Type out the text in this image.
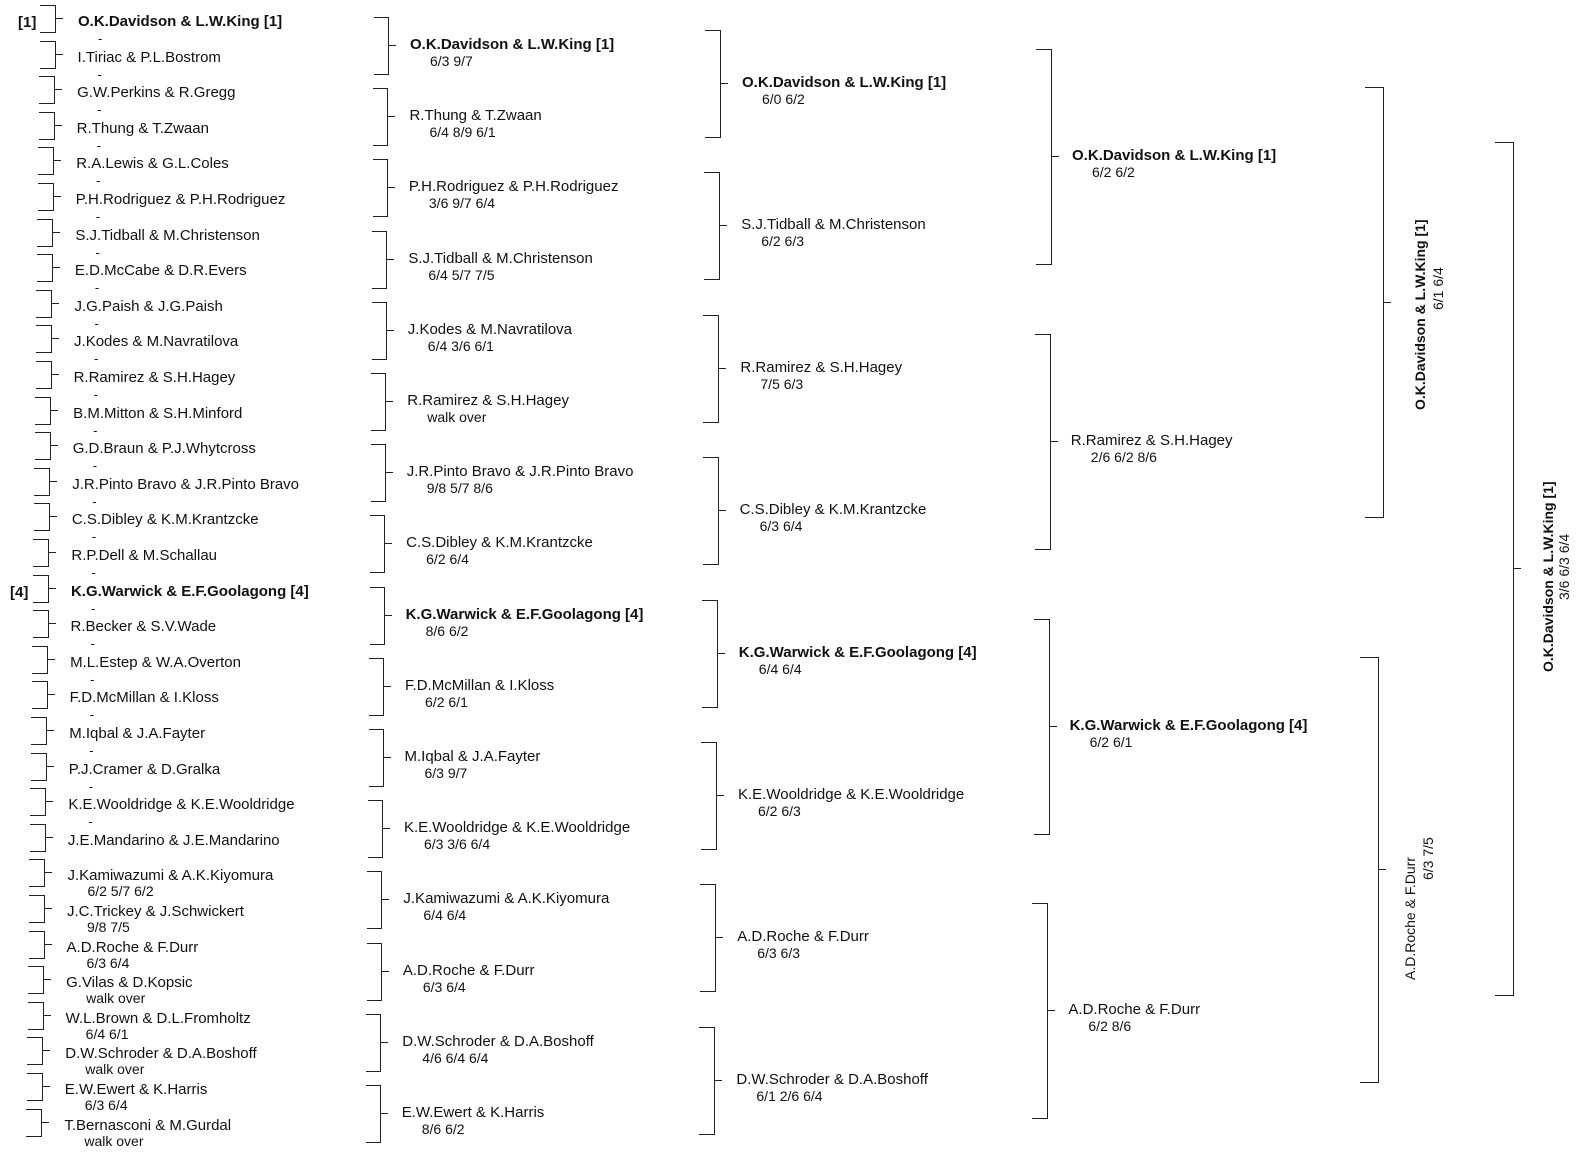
[1]	O.K.Davidson & L.W.King [1]
-
I.Tiriac & P.L.Bostrom
-
G.W.Perkins & R.Gregg
-
R.Thung & T.Zwaan
-
R.A.Lewis & G.L.Coles
-
P.H.Rodriguez & P.H.Rodriguez
-
S.J.Tidball & M.Christenson
-
E.D.McCabe & D.R.Evers
-
J.G.Paish & J.G.Paish
-
J.Kodes & M.Navratilova
-
R.Ramirez & S.H.Hagey
-
B.M.Mitton & S.H.Minford
-
G.D.Braun & P.J.Whytcross
-
J.R.Pinto Bravo & J.R.Pinto Bravo
-
C.S.Dibley & K.M.Krantzcke
-
R.P.Dell & M.Schallau
-
[4]	K.G.Warwick & E.F.Goolagong [4]
-
R.Becker & S.V.Wade
-
M.L.Estep & W.A.Overton
-
F.D.McMillan & I.Kloss
-
M.Iqbal & J.A.Fayter
-
P.J.Cramer & D.Gralka
-
K.E.Wooldridge & K.E.Wooldridge
-
J.E.Mandarino & J.E.Mandarino
J.Kamiwazumi & A.K.Kiyomura
6/2 5/7 6/2
J.C.Trickey & J.Schwickert
9/8 7/5
A.D.Roche & F.Durr
6/3 6/4
G.Vilas & D.Kopsic
walk over
W.L.Brown & D.L.Fromholtz
6/4 6/1
D.W.Schroder & D.A.Boshoff
walk over
E.W.Ewert & K.Harris
6/3 6/4
T.Bernasconi & M.Gurdal
walk over
O.K.Davidson & L.W.King [1]
6/3 9/7
R.Thung & T.Zwaan
6/4 8/9 6/1
P.H.Rodriguez & P.H.Rodriguez
3/6 9/7 6/4
S.J.Tidball & M.Christenson
6/4 5/7 7/5
J.Kodes & M.Navratilova
6/4 3/6 6/1
R.Ramirez & S.H.Hagey
walk over
J.R.Pinto Bravo & J.R.Pinto Bravo
9/8 5/7 8/6
C.S.Dibley & K.M.Krantzcke
6/2 6/4
K.G.Warwick & E.F.Goolagong [4]
8/6 6/2
F.D.McMillan & I.Kloss
6/2 6/1
M.Iqbal & J.A.Fayter
6/3 9/7
K.E.Wooldridge & K.E.Wooldridge
6/3 3/6 6/4
J.Kamiwazumi & A.K.Kiyomura
6/4 6/4
A.D.Roche & F.Durr
6/3 6/4
D.W.Schroder & D.A.Boshoff
4/6 6/4 6/4
E.W.Ewert & K.Harris
8/6 6/2
O.K.Davidson & L.W.King [1]
6/0 6/2
S.J.Tidball & M.Christenson
6/2 6/3
R.Ramirez & S.H.Hagey
7/5 6/3
C.S.Dibley & K.M.Krantzcke
6/3 6/4
K.G.Warwick & E.F.Goolagong [4]
6/4 6/4
K.E.Wooldridge & K.E.Wooldridge
6/2 6/3
A.D.Roche & F.Durr
6/3 6/3
D.W.Schroder & D.A.Boshoff
6/1 2/6 6/4
O.K.Davidson & L.W.King [1]
6/2 6/2
R.Ramirez & S.H.Hagey
2/6 6/2 8/6
K.G.Warwick & E.F.Goolagong [4]
6/2 6/1
A.D.Roche & F.Durr
6/2 8/6
O.K.Davidson & L.W.King [1] 6/1 6/4
A.D.Roche & F.Durr 6/3 7/5
O.K.Davidson & L.W.King [1] 3/6 6/3 6/4
